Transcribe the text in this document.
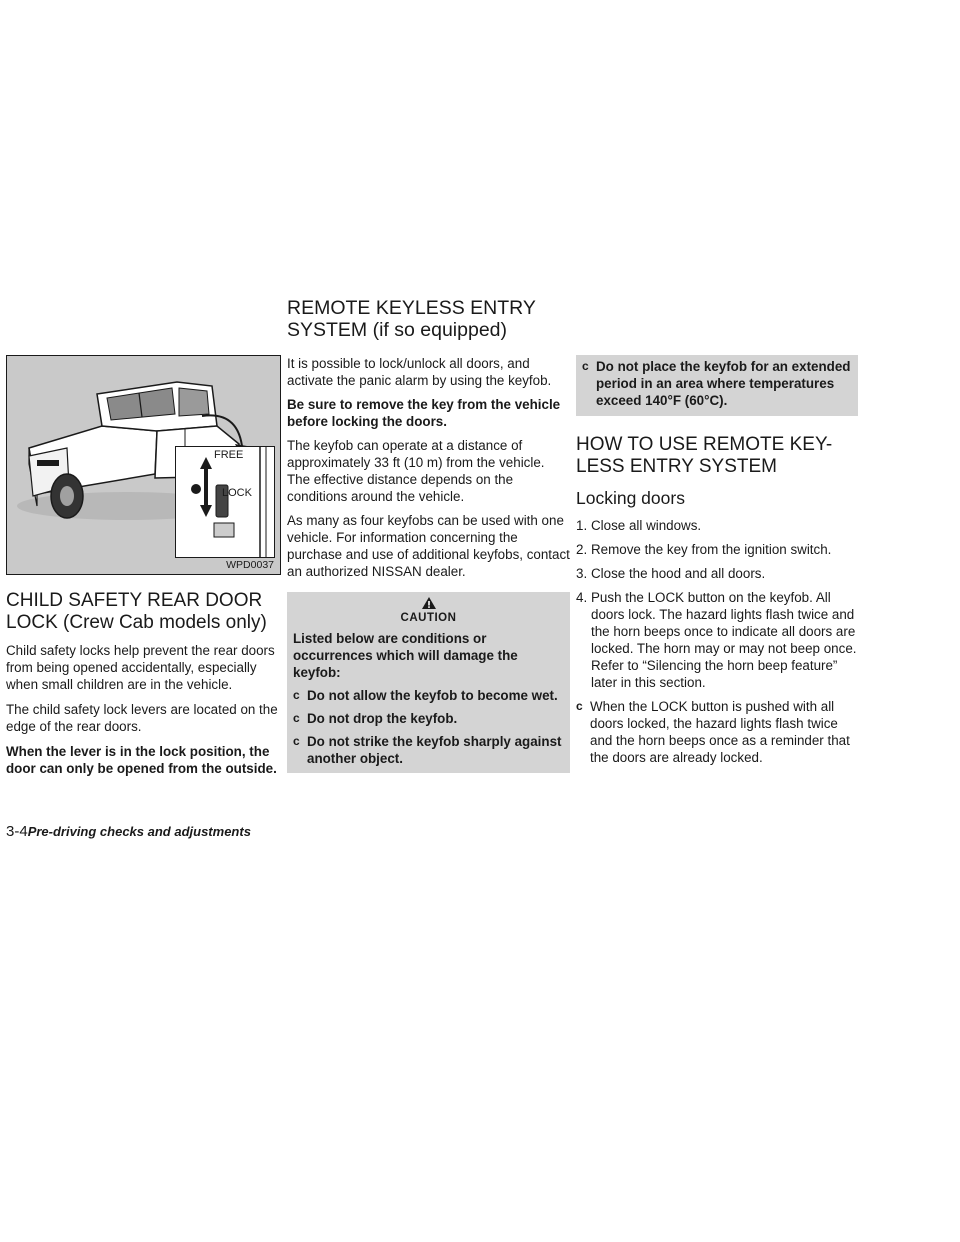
REMOTE KEYLESS ENTRY
SYSTEM (if so equipped)
FREE
LOCK
WPD0037
CHILD SAFETY REAR DOOR
LOCK (Crew Cab models only)

Child safety locks help prevent the rear doors from being opened accidentally, especially when small children are in the vehicle.

The child safety lock levers are located on the edge of the rear doors.

When the lever is in the lock position, the door can only be opened from the outside.

It is possible to lock/unlock all doors, and activate the panic alarm by using the keyfob.

Be sure to remove the key from the vehicle before locking the doors.

The keyfob can operate at a distance of approximately 33 ft (10 m) from the vehicle. The effective distance depends on the conditions around the vehicle.

As many as four keyfobs can be used with one vehicle. For information concerning the purchase and use of additional keyfobs, contact an authorized NISSAN dealer.

CAUTION

Listed below are conditions or occurrences which will damage the keyfob:

c Do not allow the keyfob to become wet.

c Do not drop the keyfob.

c Do not strike the keyfob sharply against another object.

c Do not place the keyfob for an extended period in an area where temperatures exceed 140°F (60°C).

HOW TO USE REMOTE KEY-
LESS ENTRY SYSTEM
Locking doors
1. Close all windows.

2. Remove the key from the ignition switch.

3. Close the hood and all doors.

4. Push the LOCK button on the keyfob. All doors lock. The hazard lights flash twice and the horn beeps once to indicate all doors are locked. The horn may or may not beep once. Refer to “Silencing the horn beep feature” later in this section.

c When the LOCK button is pushed with all doors locked, the hazard lights flash twice and the horn beeps once as a reminder that the doors are already locked.

3-4Pre-driving checks and adjustments
